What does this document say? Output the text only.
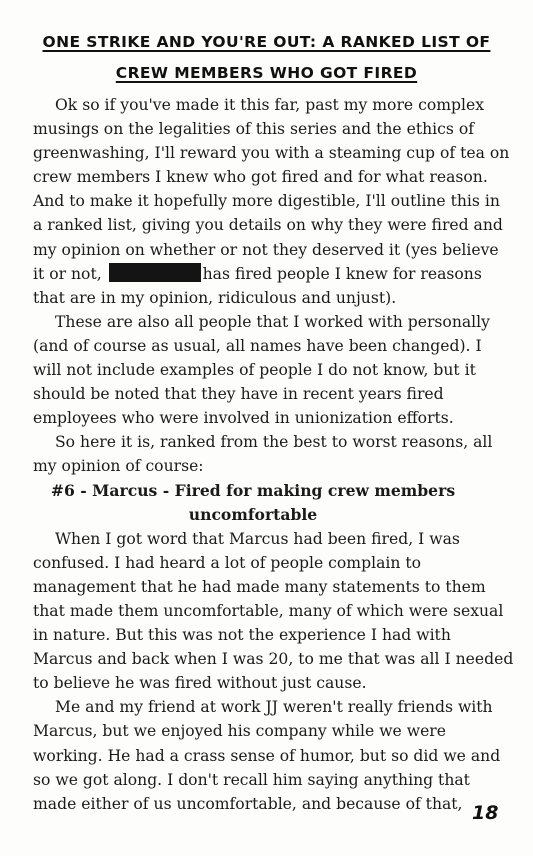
ONE STRIKE AND YOU'RE OUT: A RANKED LIST OF
CREW MEMBERS WHO GOT FIRED
Ok so if you've made it this far, past my more complex
musings on the legalities of this series and the ethics of
greenwashing, I'll reward you with a steaming cup of tea on
crew members I knew who got fired and for what reason.
And to make it hopefully more digestible, I'll outline this in
a ranked list, giving you details on why they were fired and
my opinion on whether or not they deserved it (yes believe
it or not,	has fired people I knew for reasons
that are in my opinion, ridiculous and unjust).
These are also all people that I worked with personally
(and of course as usual, all names have been changed). I
will not include examples of people I do not know, but it
should be noted that they have in recent years fired
employees who were involved in unionization efforts.
So here it is, ranked from the best to worst reasons, all
my opinion of course:
#6 - Marcus - Fired for making crew members
uncomfortable
When I got word that Marcus had been fired, I was
confused. I had heard a lot of people complain to
management that he had made many statements to them
that made them uncomfortable, many of which were sexual
in nature. But this was not the experience I had with
Marcus and back when I was 20, to me that was all I needed
to believe he was fired without just cause.
Me and my friend at work JJ weren't really friends with
Marcus, but we enjoyed his company while we were
working. He had a crass sense of humor, but so did we and
so we got along. I don't recall him saying anything that
made either of us uncomfortable, and because of that, 18
